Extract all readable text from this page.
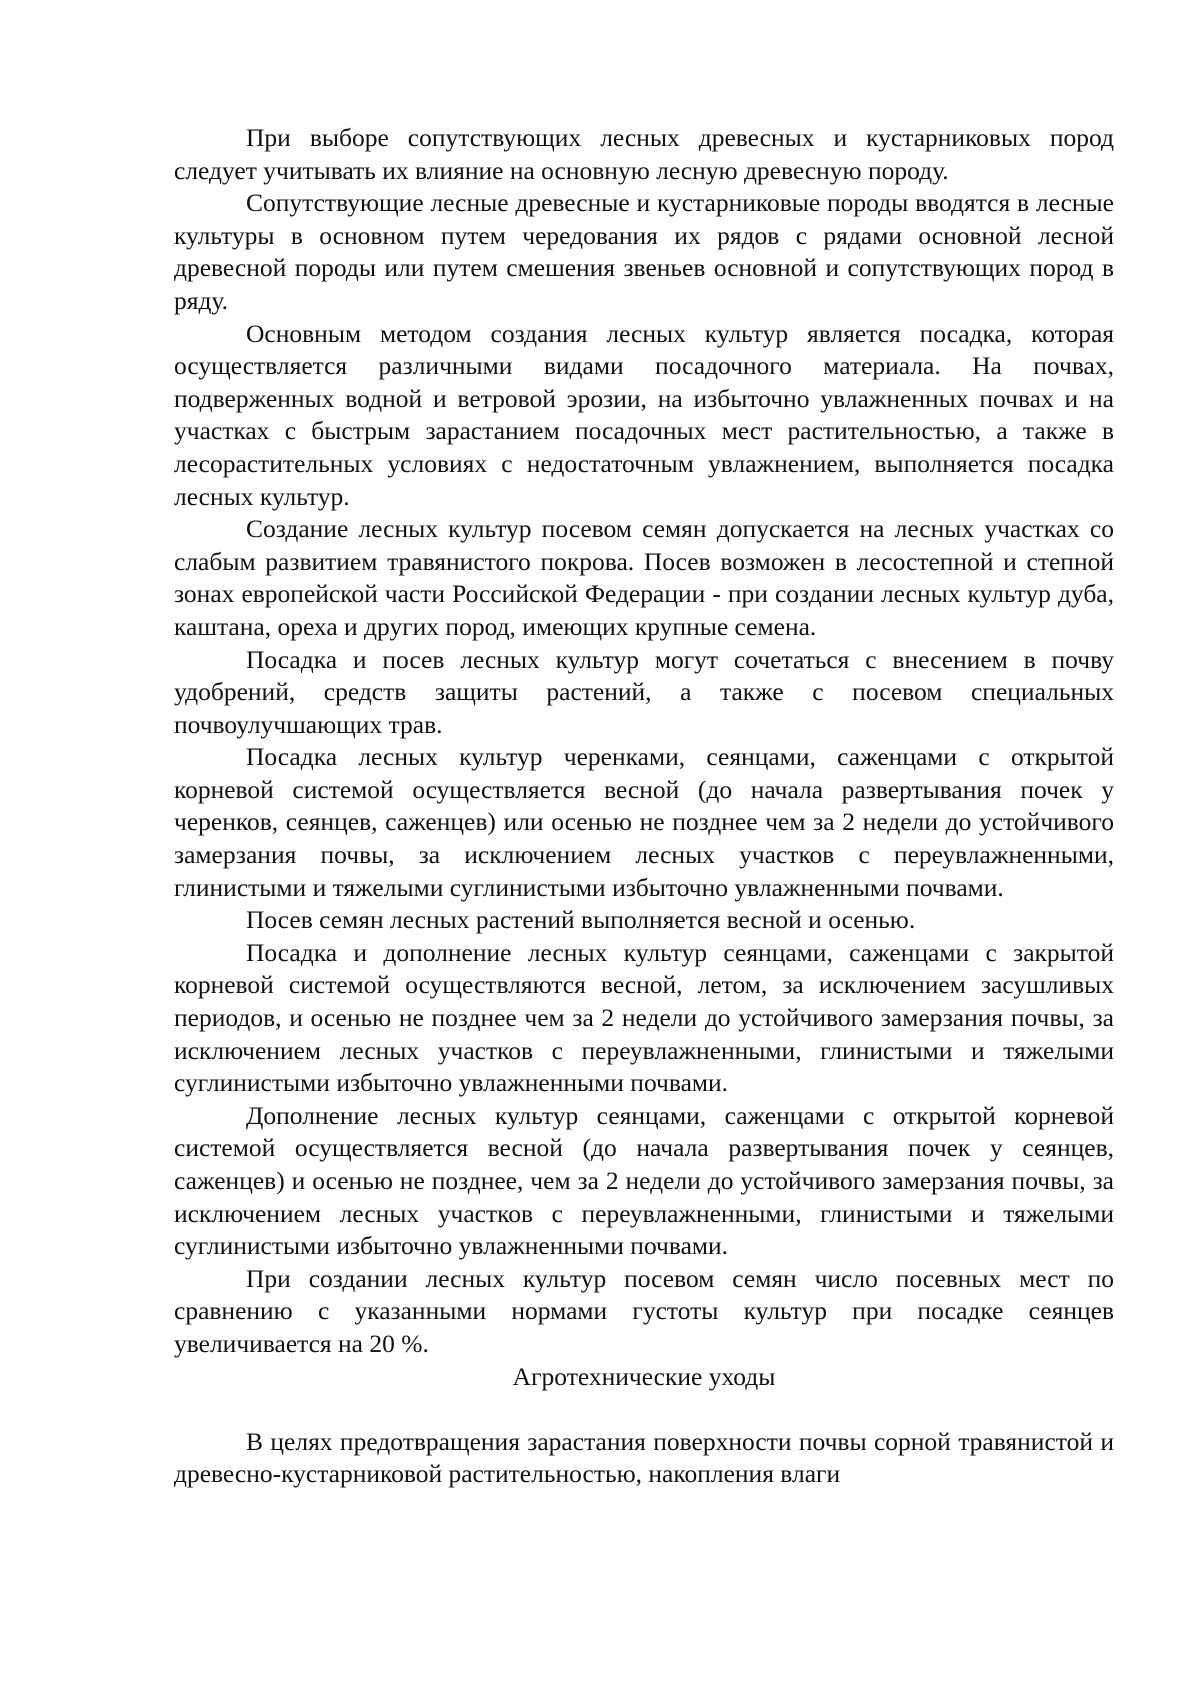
При выборе сопутствующих лесных древесных и кустарниковых пород следует учитывать их влияние на основную лесную древесную породу.

Сопутствующие лесные древесные и кустарниковые породы вводятся в лесные культуры в основном путем чередования их рядов с рядами основной лесной древесной породы или путем смешения звеньев основной и сопутствующих пород в ряду.

Основным методом создания лесных культур является посадка, которая осуществляется различными видами посадочного материала. На почвах, подверженных водной и ветровой эрозии, на избыточно увлажненных почвах и на участках с быстрым зарастанием посадочных мест растительностью, а также в лесорастительных условиях с недостаточным увлажнением, выполняется посадка лесных культур.

Создание лесных культур посевом семян допускается на лесных участках со слабым развитием травянистого покрова. Посев возможен в лесостепной и степной зонах европейской части Российской Федерации - при создании лесных культур дуба, каштана, ореха и других пород, имеющих крупные семена.

Посадка и посев лесных культур могут сочетаться с внесением в почву удобрений, средств защиты растений, а также с посевом специальных почвоулучшающих трав.

Посадка лесных культур черенками, сеянцами, саженцами с открытой корневой системой осуществляется весной (до начала развертывания почек у черенков, сеянцев, саженцев) или осенью не позднее чем за 2 недели до устойчивого замерзания почвы, за исключением лесных участков с переувлажненными, глинистыми и тяжелыми суглинистыми избыточно увлажненными почвами.

Посев семян лесных растений выполняется весной и осенью.

Посадка и дополнение лесных культур сеянцами, саженцами с закрытой корневой системой осуществляются весной, летом, за исключением засушливых периодов, и осенью не позднее чем за 2 недели до устойчивого замерзания почвы, за исключением лесных участков с переувлажненными, глинистыми и тяжелыми суглинистыми избыточно увлажненными почвами.

Дополнение лесных культур сеянцами, саженцами с открытой корневой системой осуществляется весной (до начала развертывания почек у сеянцев, саженцев) и осенью не позднее, чем за 2 недели до устойчивого замерзания почвы, за исключением лесных участков с переувлажненными, глинистыми и тяжелыми суглинистыми избыточно увлажненными почвами.

При создании лесных культур посевом семян число посевных мест по сравнению с указанными нормами густоты культур при посадке сеянцев увеличивается на 20 %.

Агротехнические уходы

В целях предотвращения зарастания поверхности почвы сорной травянистой и древесно-кустарниковой растительностью, накопления влаги
